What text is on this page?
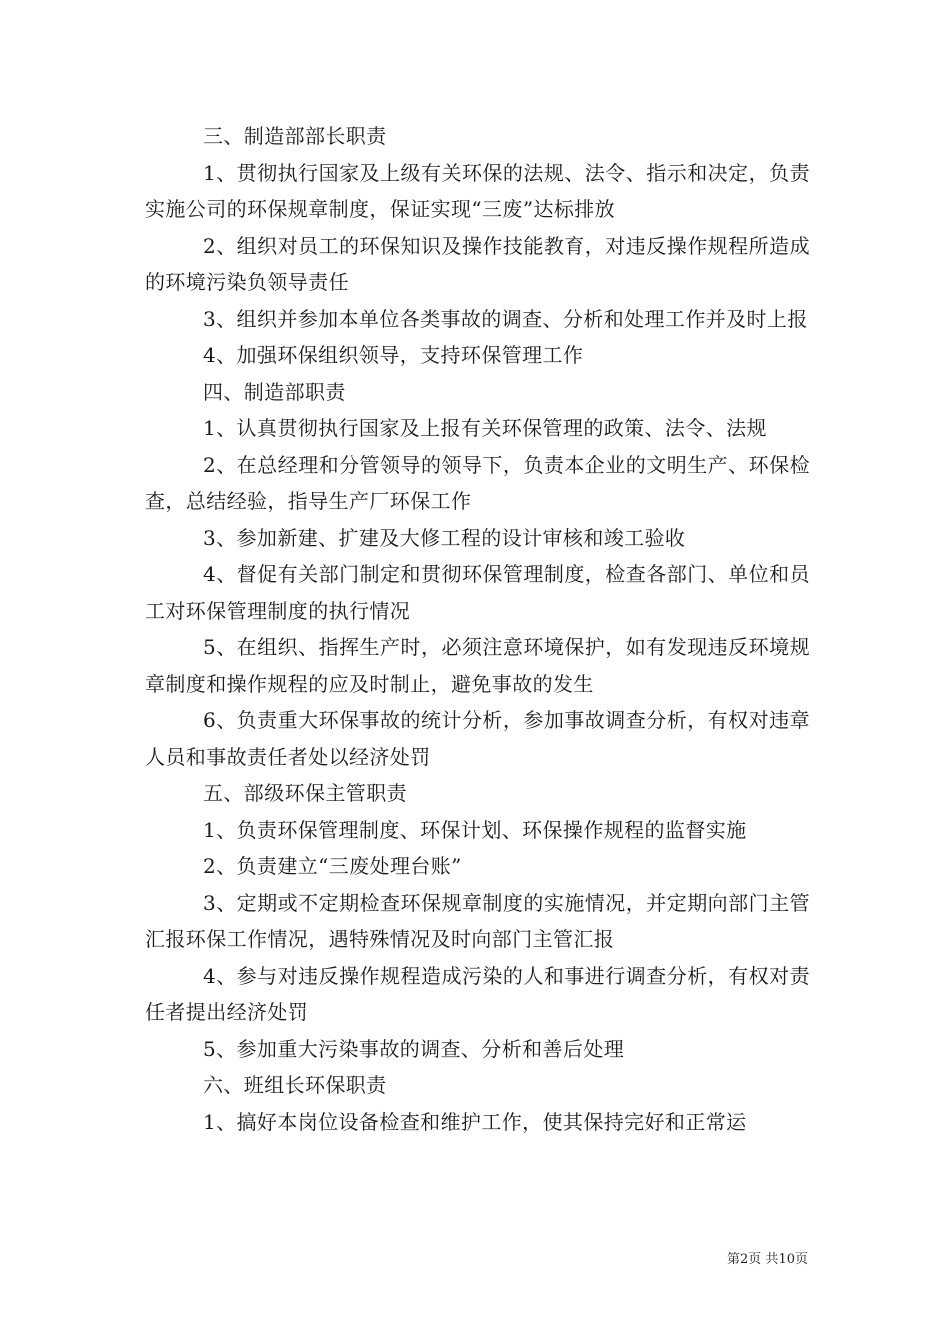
三、制造部部长职责

1、贯彻执行国家及上级有关环保的法规、法令、指示和决定，负责实施公司的环保规章制度，保证实现“三废”达标排放

2、组织对员工的环保知识及操作技能教育，对违反操作规程所造成的环境污染负领导责任

3、组织并参加本单位各类事故的调查、分析和处理工作并及时上报

4、加强环保组织领导，支持环保管理工作

四、制造部职责

1、认真贯彻执行国家及上报有关环保管理的政策、法令、法规

2、在总经理和分管领导的领导下，负责本企业的文明生产、环保检查，总结经验，指导生产厂环保工作

3、参加新建、扩建及大修工程的设计审核和竣工验收

4、督促有关部门制定和贯彻环保管理制度，检查各部门、单位和员工对环保管理制度的执行情况

5、在组织、指挥生产时，必须注意环境保护，如有发现违反环境规章制度和操作规程的应及时制止，避免事故的发生

6、负责重大环保事故的统计分析，参加事故调查分析，有权对违章人员和事故责任者处以经济处罚

五、部级环保主管职责

1、负责环保管理制度、环保计划、环保操作规程的监督实施

2、负责建立“三废处理台账”

3、定期或不定期检查环保规章制度的实施情况，并定期向部门主管汇报环保工作情况，遇特殊情况及时向部门主管汇报

4、参与对违反操作规程造成污染的人和事进行调查分析，有权对责任者提出经济处罚

5、参加重大污染事故的调查、分析和善后处理

六、班组长环保职责

1、搞好本岗位设备检查和维护工作，使其保持完好和正常运

第2页 共10页
